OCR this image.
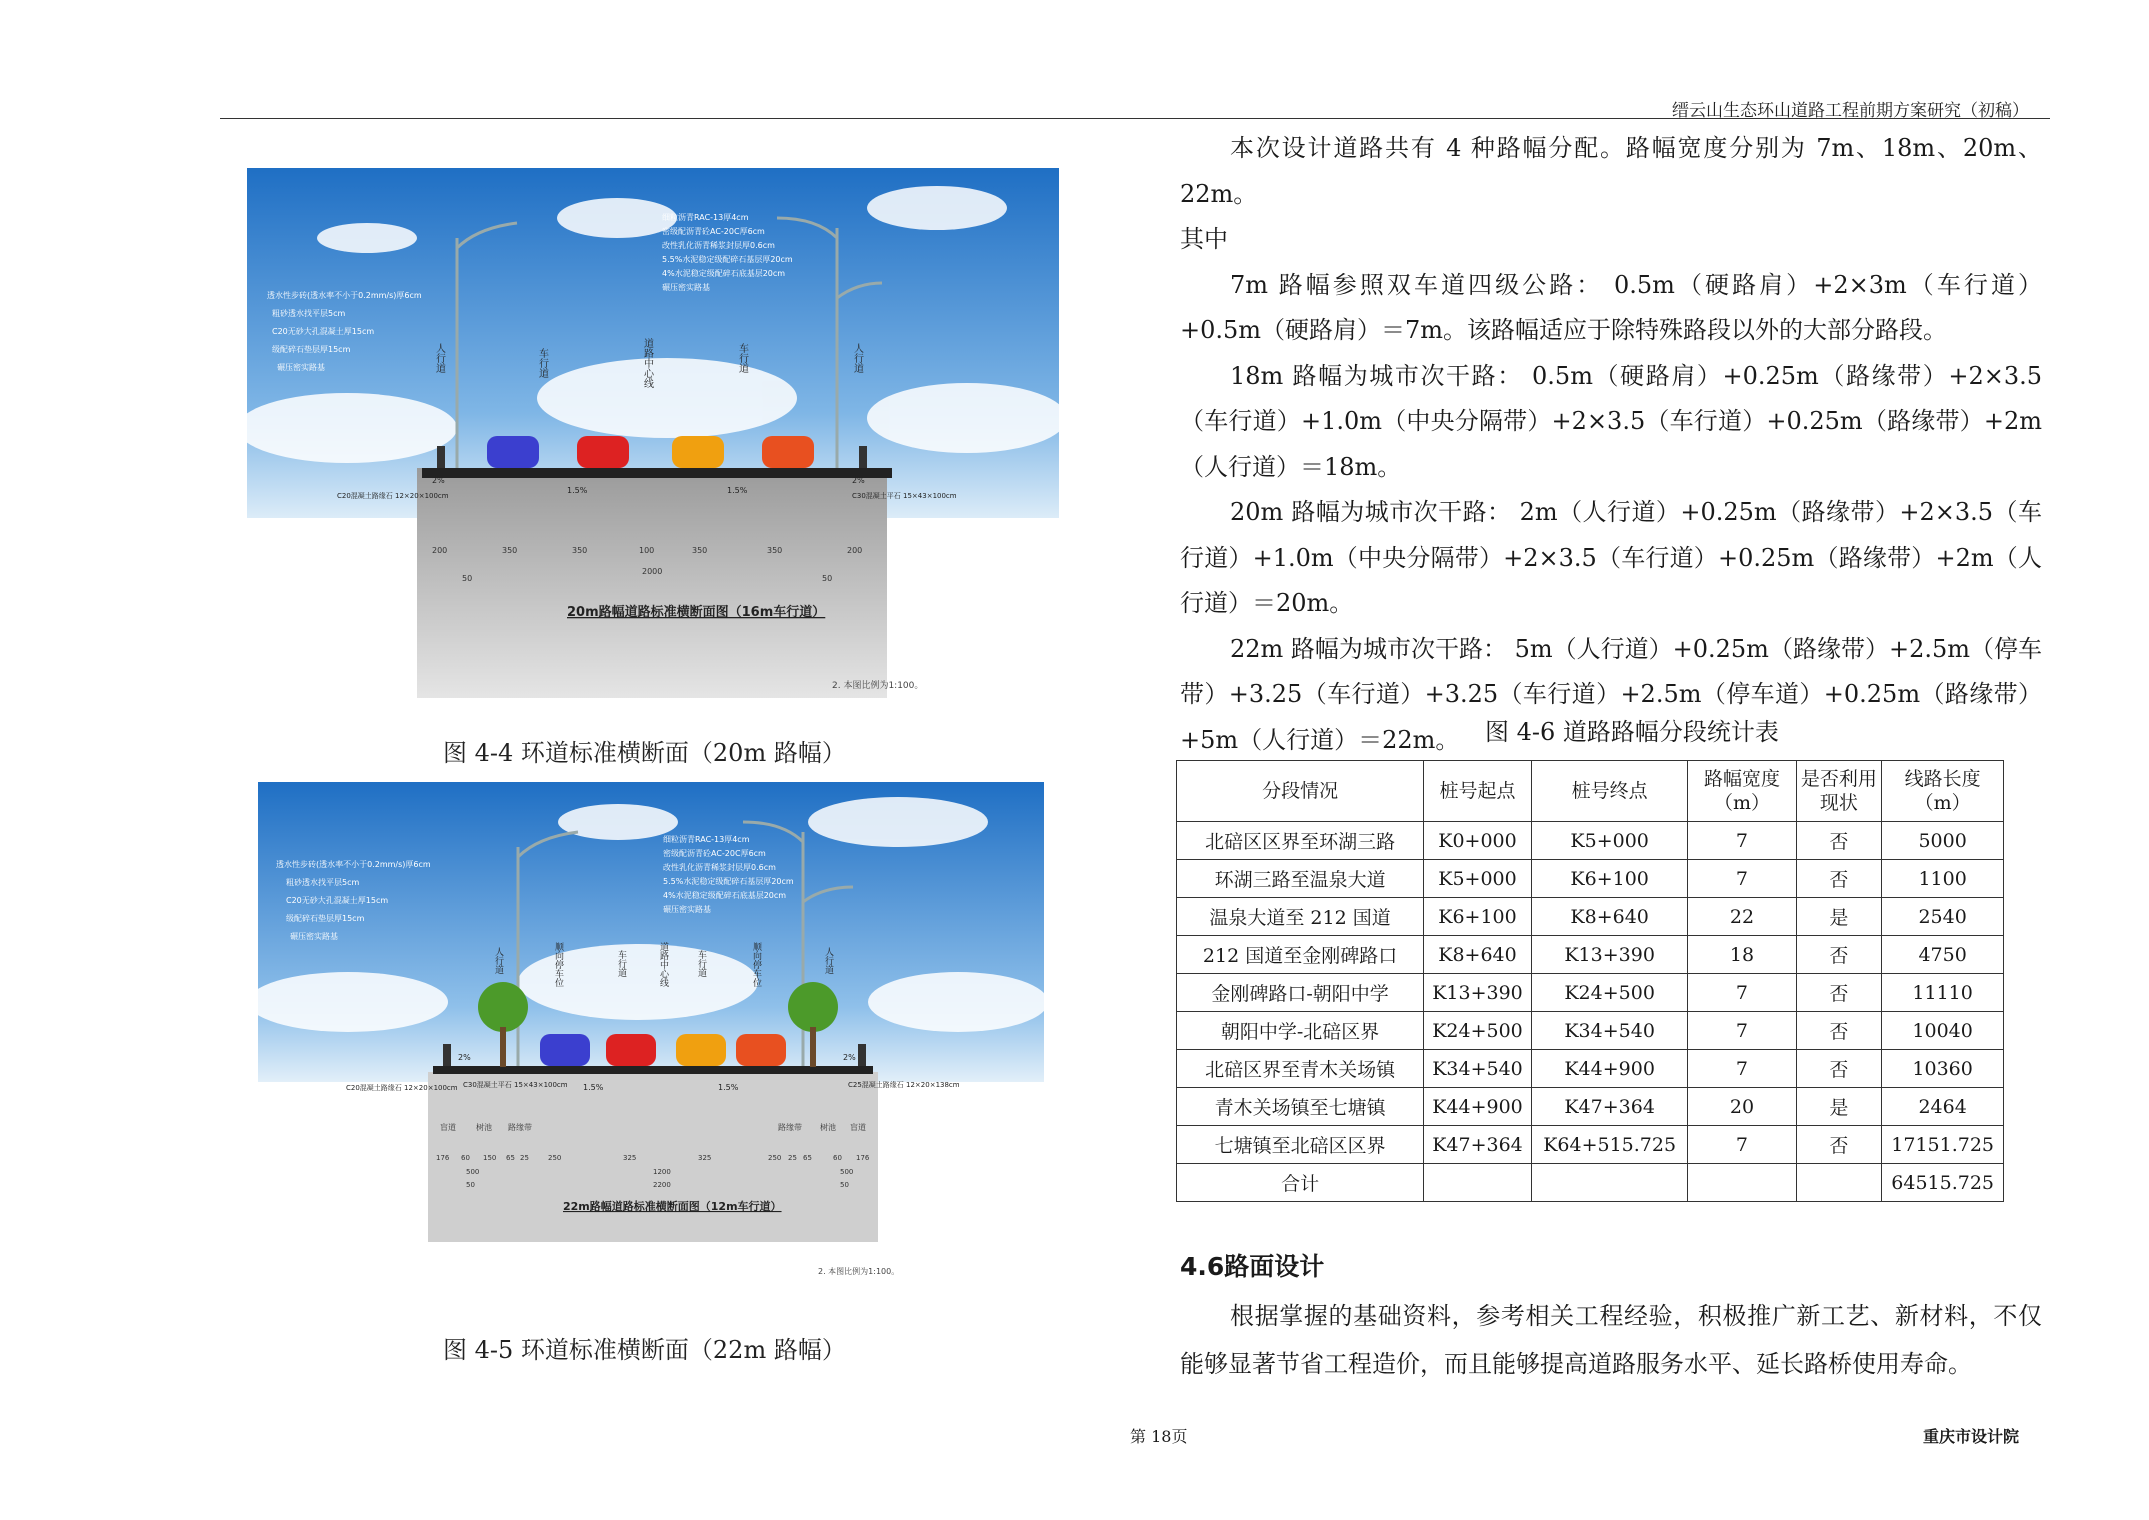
缙云山生态环山道路工程前期方案研究（初稿）
透水性步砖(透水率不小于0.2mm/s)厚6cm
粗砂透水找平层5cm
C20无砂大孔混凝土厚15cm
级配碎石垫层厚15cm
碾压密实路基
细粒沥青RAC-13厚4cm
密级配沥青砼AC-20C厚6cm
改性乳化沥青稀浆封层厚0.6cm
5.5%水泥稳定级配碎石基层厚20cm
4%水泥稳定级配碎石底基层20cm
碾压密实路基
人行道	车行道	道路中心线	车行道	人行道
2%
1.5%	1.5%
2%
C20混凝土路缘石 12×20×100cm	C30混凝土平石 15×43×100cm
200	350	350	100	350	350	200
50
2000
50
20m路幅道路标准横断面图（16m车行道）
2. 本图比例为1:100。
图 4-4 环道标准横断面（20m 路幅）
透水性步砖(透水率不小于0.2mm/s)厚6cm
粗砂透水找平层5cm
C20无砂大孔混凝土厚15cm
级配碎石垫层厚15cm
碾压密实路基
细粒沥青RAC-13厚4cm
密级配沥青砼AC-20C厚6cm
改性乳化沥青稀浆封层厚0.6cm
5.5%水泥稳定级配碎石基层厚20cm
4%水泥稳定级配碎石底基层20cm
碾压密实路基
人行道	顺向停车位	车行道	道路中心线	车行道	顺向停车位	人行道
2%
1.5%	1.5%
2%
C20混凝土路缘石 12×20×100cm C30混凝土平石 15×43×100cm	C25混凝土路缘石 12×20×138cm
盲道	树池 路缘带	路缘带 树池 盲道
176 60 150 65 25	250	325	325	250 25 65	60 176
500	1200	500
50	2200	50
22m路幅道路标准横断面图（12m车行道）
2. 本图比例为1:100。
图 4-5 环道标准横断面（22m 路幅）

本次设计道路共有 4 种路幅分配。路幅宽度分别为 7m、18m、20m、22m。

其中

7m 路幅参照双车道四级公路： 0.5m（硬路肩）+2×3m（车行道）+0.5m（硬路肩）＝7m。该路幅适应于除特殊路段以外的大部分路段。

18m 路幅为城市次干路： 0.5m（硬路肩）+0.25m（路缘带）+2×3.5（车行道）+1.0m（中央分隔带）+2×3.5（车行道）+0.25m（路缘带）+2m（人行道）＝18m。

20m 路幅为城市次干路： 2m（人行道）+0.25m（路缘带）+2×3.5（车行道）+1.0m（中央分隔带）+2×3.5（车行道）+0.25m（路缘带）+2m（人行道）＝20m。

22m 路幅为城市次干路： 5m（人行道）+0.25m（路缘带）+2.5m（停车带）+3.25（车行道）+3.25（车行道）+2.5m（停车道）+0.25m（路缘带）+5m（人行道）＝22m。	图 4-6 道路路幅分段统计表
分段情况	桩号起点	桩号终点	路幅宽度（m）	是否利用现状	线路长度（m）
北碚区区界至环湖三路	K0+000	K5+000	7	否	5000
环湖三路至温泉大道	K5+000	K6+100	7	否	1100
温泉大道至 212 国道	K6+100	K8+640	22	是	2540
212 国道至金刚碑路口	K8+640	K13+390	18	否	4750
金刚碑路口-朝阳中学	K13+390	K24+500	7	否	11110
朝阳中学-北碚区界	K24+500	K34+540	7	否	10040
北碚区界至青木关场镇	K34+540	K44+900	7	否	10360
青木关场镇至七塘镇	K44+900	K47+364	20	是	2464
七塘镇至北碚区区界	K47+364	K64+515.725	7	否	17151.725
合计					64515.725
4.6路面设计

根据掌握的基础资料，参考相关工程经验，积极推广新工艺、新材料，不仅能够显著节省工程造价，而且能够提高道路服务水平、延长路桥使用寿命。

第 18页	重庆市设计院
